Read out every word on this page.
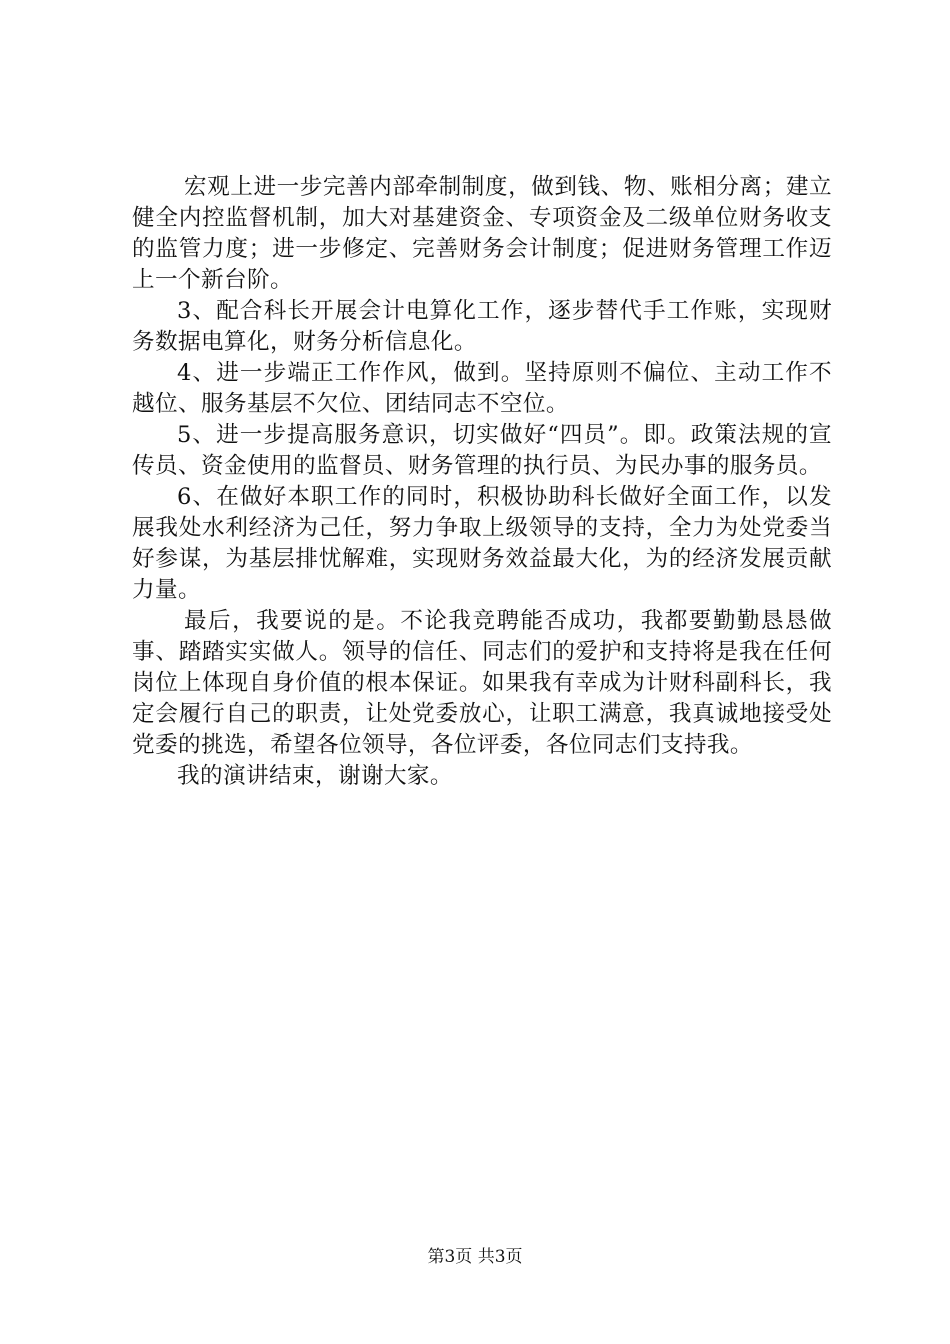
宏观上进一步完善内部牵制制度，做到钱、物、账相分离；建立健全内控监督机制，加大对基建资金、专项资金及二级单位财务收支的监管力度；进一步修定、完善财务会计制度；促进财务管理工作迈上一个新台阶。

3、配合科长开展会计电算化工作，逐步替代手工作账，实现财务数据电算化，财务分析信息化。

4、进一步端正工作作风，做到。坚持原则不偏位、主动工作不越位、服务基层不欠位、团结同志不空位。

5、进一步提高服务意识，切实做好“四员”。即。政策法规的宣传员、资金使用的监督员、财务管理的执行员、为民办事的服务员。

6、在做好本职工作的同时，积极协助科长做好全面工作，以发展我处水利经济为己任，努力争取上级领导的支持，全力为处党委当好参谋，为基层排忧解难，实现财务效益最大化，为的经济发展贡献力量。

最后，我要说的是。不论我竞聘能否成功，我都要勤勤恳恳做事、踏踏实实做人。领导的信任、同志们的爱护和支持将是我在任何岗位上体现自身价值的根本保证。如果我有幸成为计财科副科长，我定会履行自己的职责，让处党委放心，让职工满意，我真诚地接受处党委的挑选，希望各位领导，各位评委，各位同志们支持我。

我的演讲结束，谢谢大家。

第3页 共3页
